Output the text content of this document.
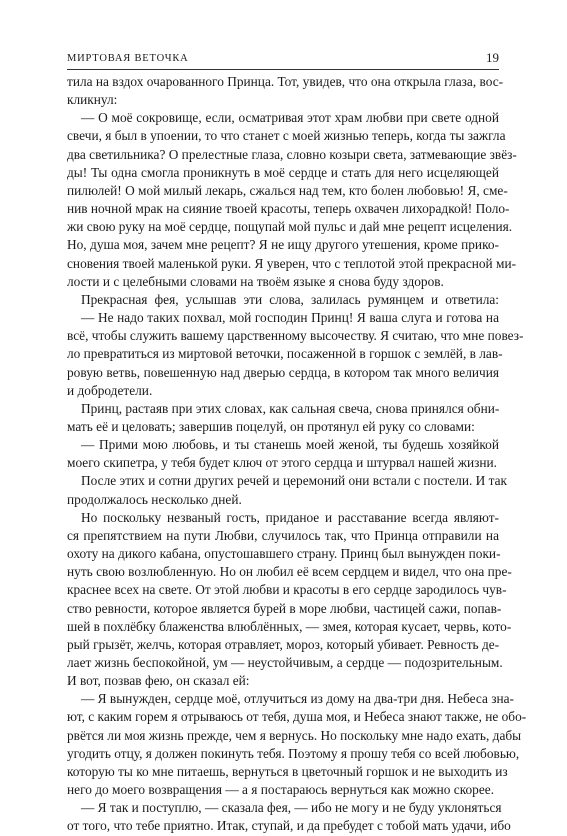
МИРТОВАЯ ВЕТОЧКА	19
тила на вздох очарованного Принца. Тот, увидев, что она открыла глаза, вос-
кликнул:
— О моё сокровище, если, осматривая этот храм любви при свете одной
свечи, я был в упоении, то что станет с моей жизнью теперь, когда ты зажгла
два светильника? О прелестные глаза, словно козыри света, затмевающие звёз-
ды! Ты одна смогла проникнуть в моё сердце и стать для него исцеляющей
пилюлей! О мой милый лекарь, сжалься над тем, кто болен любовью! Я, сме-
нив ночной мрак на сияние твоей красоты, теперь охвачен лихорадкой! Поло-
жи свою руку на моё сердце, пощупай мой пульс и дай мне рецепт исцеления.
Но, душа моя, зачем мне рецепт? Я не ищу другого утешения, кроме прико-
сновения твоей маленькой руки. Я уверен, что с теплотой этой прекрасной ми-
лости и с целебными словами на твоём языке я снова буду здоров.
Прекрасная фея, услышав эти слова, залилась румянцем и ответила:
— Не надо таких похвал, мой господин Принц! Я ваша слуга и готова на
всё, чтобы служить вашему царственному высочеству. Я считаю, что мне повез-
ло превратиться из миртовой веточки, посаженной в горшок с землёй, в лав-
ровую ветвь, повешенную над дверью сердца, в котором так много величия
и добродетели.
Принц, растаяв при этих словах, как сальная свеча, снова принялся обни-
мать её и целовать; завершив поцелуй, он протянул ей руку со словами:
— Прими мою любовь, и ты станешь моей женой, ты будешь хозяйкой
моего скипетра, у тебя будет ключ от этого сердца и штурвал нашей жизни.
После этих и сотни других речей и церемоний они встали с постели. И так
продолжалось несколько дней.
Но поскольку незваный гость, приданое и расставание всегда являют-
ся препятствием на пути Любви, случилось так, что Принца отправили на
охоту на дикого кабана, опустошавшего страну. Принц был вынужден поки-
нуть свою возлюбленную. Но он любил её всем сердцем и видел, что она пре-
краснее всех на свете. От этой любви и красоты в его сердце зародилось чув-
ство ревности, которое является бурей в море любви, частицей сажи, попав-
шей в похлёбку блаженства влюблённых, — змея, которая кусает, червь, кото-
рый грызёт, желчь, которая отравляет, мороз, который убивает. Ревность де-
лает жизнь беспокойной, ум — неустойчивым, а сердце — подозрительным.
И вот, позвав фею, он сказал ей:
— Я вынужден, сердце моё, отлучиться из дому на два-три дня. Небеса зна-
ют, с каким горем я отрываюсь от тебя, душа моя, и Небеса знают также, не обо-
рвётся ли моя жизнь прежде, чем я вернусь. Но поскольку мне надо ехать, дабы
угодить отцу, я должен покинуть тебя. Поэтому я прошу тебя со всей любовью,
которую ты ко мне питаешь, вернуться в цветочный горшок и не выходить из
него до моего возвращения — а я постараюсь вернуться как можно скорее.
— Я так и поступлю, — сказала фея, — ибо не могу и не буду уклоняться
от того, что тебе приятно. Итак, ступай, и да пребудет с тобой мать удачи, ибо
